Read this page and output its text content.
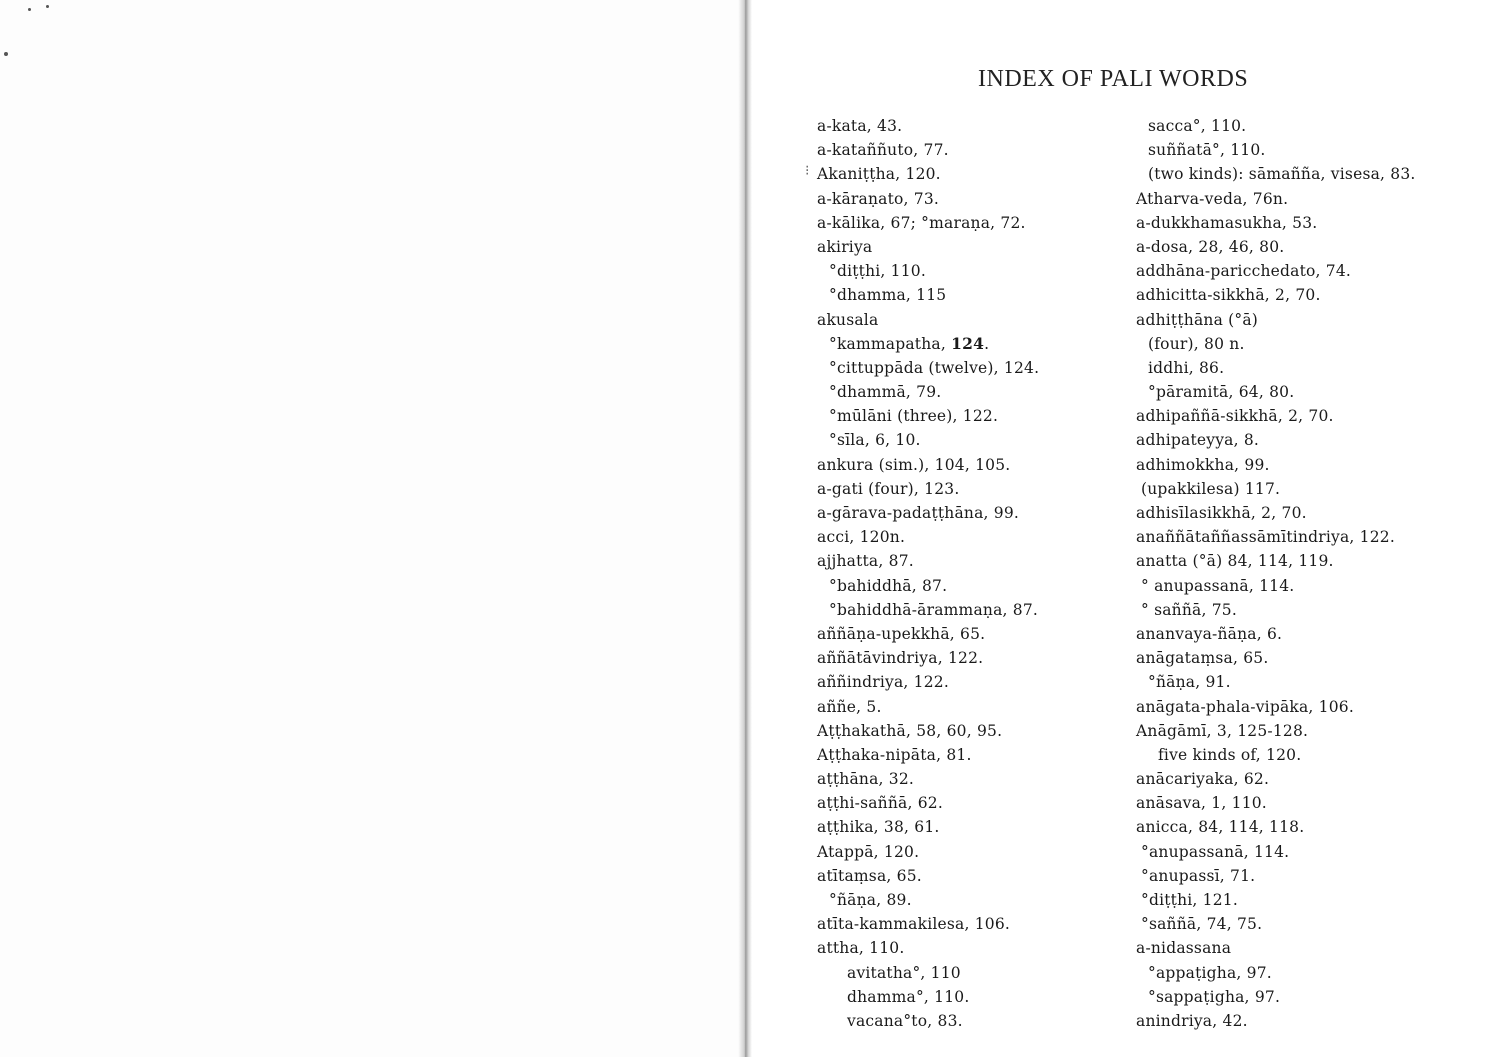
INDEX OF PALI WORDS
a-kata, 43.
a-kataññuto, 77.
Akaniṭṭha, 120.
a-kāraṇato, 73.
a-kālika, 67; °maraṇa, 72.
akiriya
°diṭṭhi, 110.
°dhamma, 115
akusala
°kammapatha, 124.
°cittuppāda (twelve), 124.
°dhammā, 79.
°mūlāni (three), 122.
°sīla, 6, 10.
ankura (sim.), 104, 105.
a-gati (four), 123.
a-gārava-padaṭṭhāna, 99.
acci, 120n.
ajjhatta, 87.
°bahiddhā, 87.
°bahiddhā-ārammaṇa, 87.
aññāṇa-upekkhā, 65.
aññātāvindriya, 122.
aññindriya, 122.
aññe, 5.
Aṭṭhakathā, 58, 60, 95.
Aṭṭhaka-nipāta, 81.
aṭṭhāna, 32.
aṭṭhi-saññā, 62.
aṭṭhika, 38, 61.
Atappā, 120.
atītaṃsa, 65.
°ñāṇa, 89.
atīta-kammakilesa, 106.
attha, 110.
avitatha°, 110
dhamma°, 110.
vacana°to, 83.
sacca°, 110.
suññatā°, 110.
(two kinds): sāmañña, visesa, 83.
Atharva-veda, 76n.
a-dukkhamasukha, 53.
a-dosa, 28, 46, 80.
addhāna-paricchedato, 74.
adhicitta-sikkhā, 2, 70.
adhiṭṭhāna (°ā)
(four), 80 n.
iddhi, 86.
°pāramitā, 64, 80.
adhipaññā-sikkhā, 2, 70.
adhipateyya, 8.
adhimokkha, 99.
(upakkilesa) 117.
adhisīlasikkhā, 2, 70.
anaññātaññassāmītindriya, 122.
anatta (°ā) 84, 114, 119.
° anupassanā, 114.
° saññā, 75.
ananvaya-ñāṇa, 6.
anāgataṃsa, 65.
°ñāṇa, 91.
anāgata-phala-vipāka, 106.
Anāgāmī, 3, 125-128.
five kinds of, 120.
anācariyaka, 62.
anāsava, 1, 110.
anicca, 84, 114, 118.
°anupassanā, 114.
°anupassī, 71.
°diṭṭhi, 121.
°saññā, 74, 75.
a-nidassana
°appaṭigha, 97.
°sappaṭigha, 97.
anindriya, 42.
⁝
